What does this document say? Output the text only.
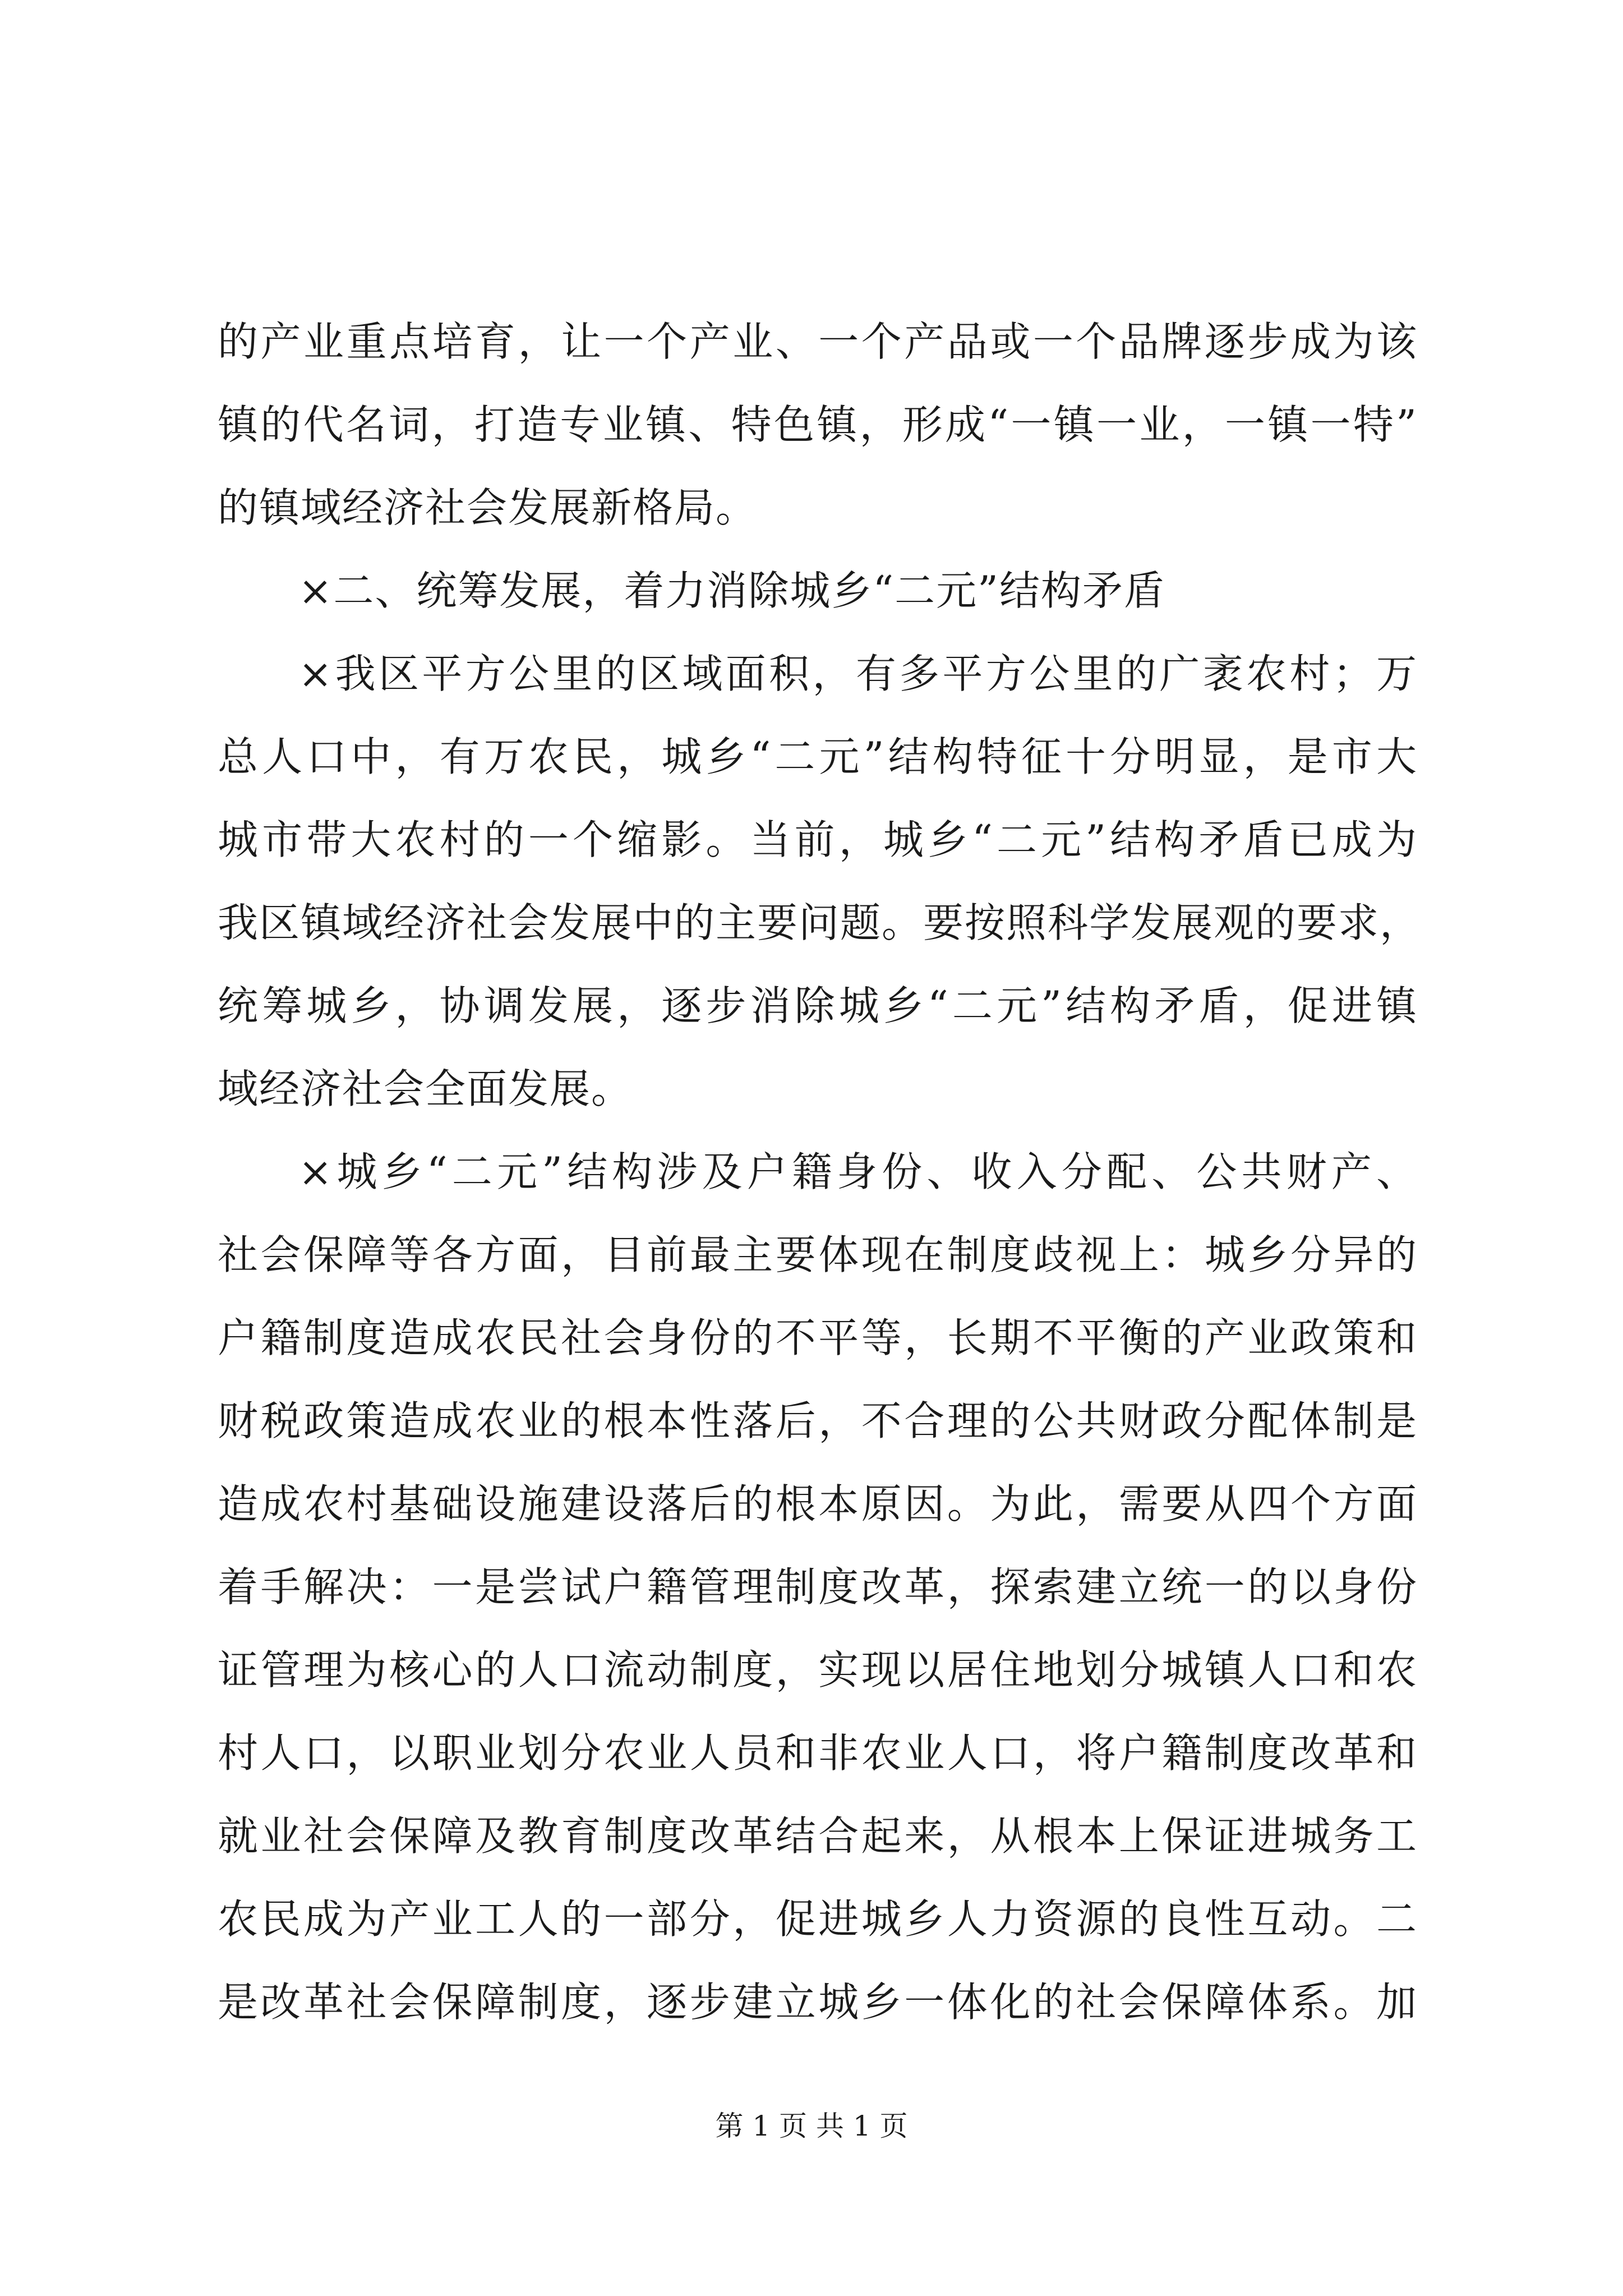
的产业重点培育，让一个产业、一个产品或一个品牌逐步成为该
镇的代名词，打造专业镇、特色镇，形成“一镇一业，一镇一特”
的镇域经济社会发展新格局。
×二、统筹发展，着力消除城乡“二元”结构矛盾
×我区平方公里的区域面积，有多平方公里的广袤农村；万
总人口中，有万农民，城乡“二元”结构特征十分明显，是市大
城市带大农村的一个缩影。当前，城乡“二元”结构矛盾已成为
我区镇域经济社会发展中的主要问题。要按照科学发展观的要求，
统筹城乡，协调发展，逐步消除城乡“二元”结构矛盾，促进镇
域经济社会全面发展。
×城乡“二元”结构涉及户籍身份、收入分配、公共财产、
社会保障等各方面，目前最主要体现在制度歧视上：城乡分异的
户籍制度造成农民社会身份的不平等，长期不平衡的产业政策和
财税政策造成农业的根本性落后，不合理的公共财政分配体制是
造成农村基础设施建设落后的根本原因。为此，需要从四个方面
着手解决：一是尝试户籍管理制度改革，探索建立统一的以身份
证管理为核心的人口流动制度，实现以居住地划分城镇人口和农
村人口，以职业划分农业人员和非农业人口，将户籍制度改革和
就业社会保障及教育制度改革结合起来，从根本上保证进城务工
农民成为产业工人的一部分，促进城乡人力资源的良性互动。二
是改革社会保障制度，逐步建立城乡一体化的社会保障体系。加
第 1 页 共 1 页
